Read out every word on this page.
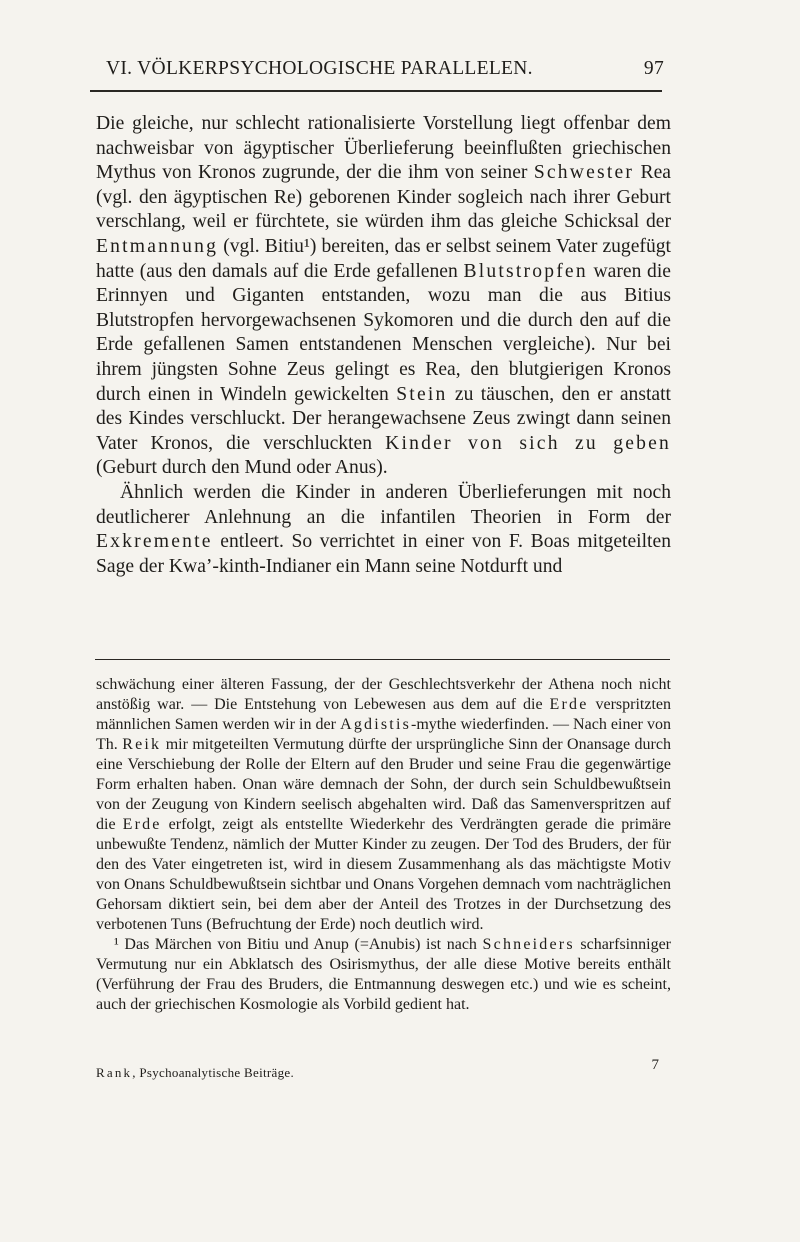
VI. VÖLKERPSYCHOLOGISCHE PARALLELEN.	97

Die gleiche, nur schlecht rationalisierte Vorstellung liegt offenbar dem nachweisbar von ägyptischer Überlieferung beeinflußten griechischen Mythus von Kronos zugrunde, der die ihm von seiner Schwester Rea (vgl. den ägyptischen Re) geborenen Kinder sogleich nach ihrer Geburt verschlang, weil er fürchtete, sie würden ihm das gleiche Schicksal der Entmannung (vgl. Bitiu¹) bereiten, das er selbst seinem Vater zugefügt hatte (aus den damals auf die Erde gefallenen Blutstropfen waren die Erinnyen und Giganten entstanden, wozu man die aus Bitius Blutstropfen hervorgewachsenen Sykomoren und die durch den auf die Erde gefallenen Samen entstandenen Menschen vergleiche). Nur bei ihrem jüngsten Sohne Zeus gelingt es Rea, den blutgierigen Kronos durch einen in Windeln gewickelten Stein zu täuschen, den er anstatt des Kindes verschluckt. Der herangewachsene Zeus zwingt dann seinen Vater Kronos, die verschluckten Kinder von sich zu geben (Geburt durch den Mund oder Anus).

Ähnlich werden die Kinder in anderen Überlieferungen mit noch deutlicherer Anlehnung an die infantilen Theorien in Form der Exkremente entleert. So verrichtet in einer von F. Boas mitgeteilten Sage der Kwa’-kinth-Indianer ein Mann seine Notdurft und

schwächung einer älteren Fassung, der der Geschlechtsverkehr der Athena noch nicht anstößig war. — Die Entstehung von Lebewesen aus dem auf die Erde verspritzten männlichen Samen werden wir in der Agdistis-mythe wiederfinden. — Nach einer von Th. Reik mir mitgeteilten Vermutung dürfte der ursprüngliche Sinn der Onansage durch eine Verschiebung der Rolle der Eltern auf den Bruder und seine Frau die gegenwärtige Form erhalten haben. Onan wäre demnach der Sohn, der durch sein Schuldbewußtsein von der Zeugung von Kindern seelisch abgehalten wird. Daß das Samenverspritzen auf die Erde erfolgt, zeigt als entstellte Wiederkehr des Verdrängten gerade die primäre unbewußte Tendenz, nämlich der Mutter Kinder zu zeugen. Der Tod des Bruders, der für den des Vater eingetreten ist, wird in diesem Zusammenhang als das mächtigste Motiv von Onans Schuldbewußtsein sichtbar und Onans Vorgehen demnach vom nachträglichen Gehorsam diktiert sein, bei dem aber der Anteil des Trotzes in der Durchsetzung des verbotenen Tuns (Befruchtung der Erde) noch deutlich wird.

¹ Das Märchen von Bitiu und Anup (=Anubis) ist nach Schneiders scharfsinniger Vermutung nur ein Abklatsch des Osirismythus, der alle diese Motive bereits enthält (Verführung der Frau des Bruders, die Entmannung deswegen etc.) und wie es scheint, auch der griechischen Kosmologie als Vorbild gedient hat.

Rank, Psychoanalytische Beiträge.	7
